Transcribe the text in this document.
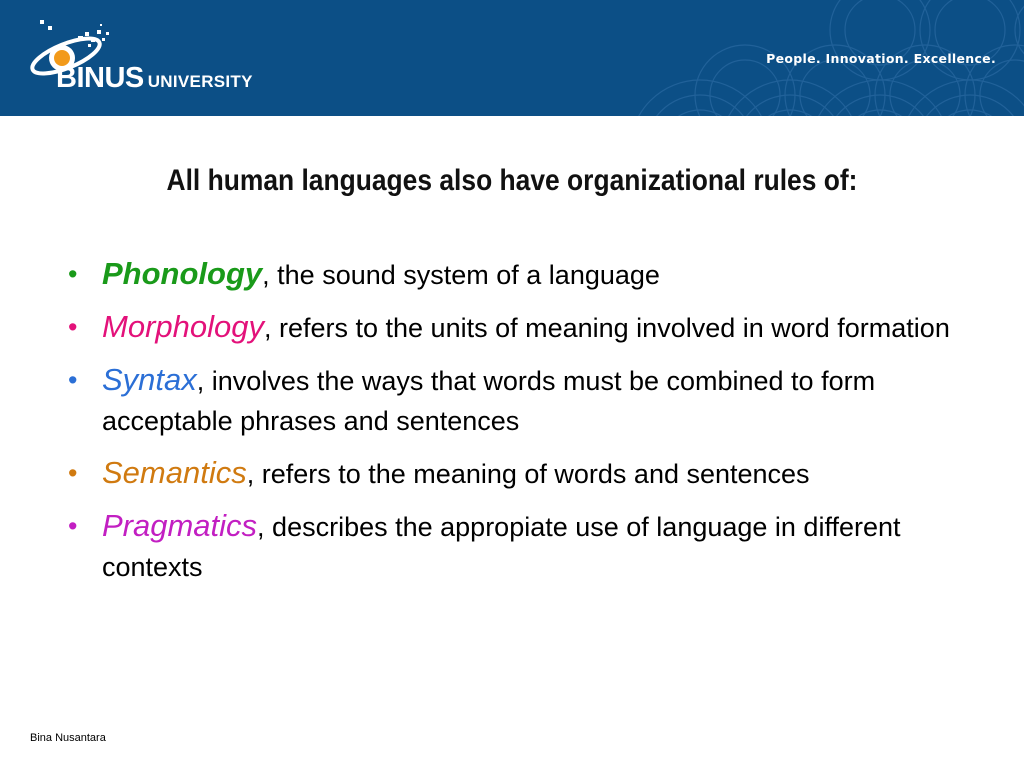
BINUS UNIVERSITY
People. Innovation. Excellence.
All human languages also have organizational rules of:
• Phonology, the sound system of a language
• Morphology, refers to the units of meaning involved in word formation
• Syntax, involves the ways that words must be combined to form acceptable phrases and sentences
• Semantics, refers to the meaning of words and sentences
• Pragmatics, describes the appropiate use of language in different contexts
Bina Nusantara
